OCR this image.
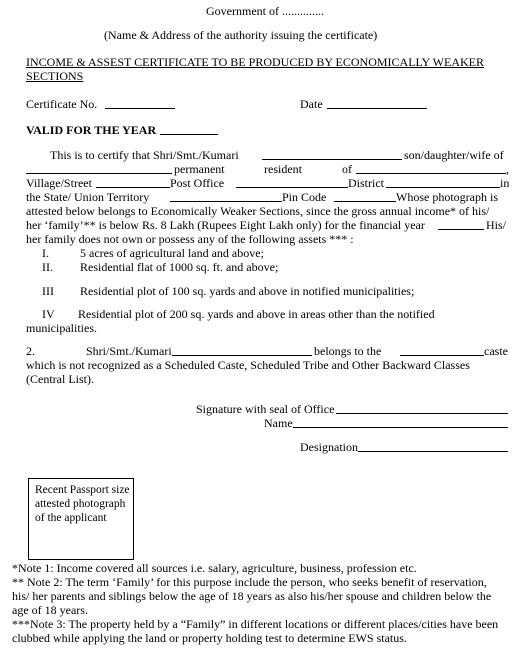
Government of ..............
(Name & Address of the authority issuing the certificate)
INCOME & ASSEST CERTIFICATE TO BE PRODUCED BY ECONOMICALLY WEAKER
SECTIONS
Certificate No.	Date
VALID FOR THE YEAR
This is to certify that Shri/Smt./Kumari	son/daughter/wife of
permanent	resident	of	,
Village/Street	Post Office	District	in
the State/ Union Territory	Pin Code	Whose photograph is
attested below belongs to Economically Weaker Sections, since the gross annual income* of his/
her ‘family’** is below Rs. 8 Lakh (Rupees Eight Lakh only) for the financial year	His/
her family does not own or possess any of the following assets *** :
I.	5 acres of agricultural land and above;
II. Residential flat of 1000 sq. ft. and above;
III Residential plot of 100 sq. yards and above in notified municipalities;
IV Residential plot of 200 sq. yards and above in areas other than the notified
municipalities.
2.	Shri/Smt./Kumari	belongs to the	caste
which is not recognized as a Scheduled Caste, Scheduled Tribe and Other Backward Classes
(Central List).
Signature with seal of Office
Name
Designation
Recent Passport size
attested photograph
of the applicant
*Note 1: Income covered all sources i.e. salary, agriculture, business, profession etc.
** Note 2: The term ‘Family’ for this purpose include the person, who seeks benefit of reservation,
his/ her parents and siblings below the age of 18 years as also his/her spouse and children below the
age of 18 years.
***Note 3: The property held by a “Family” in different locations or different places/cities have been
clubbed while applying the land or property holding test to determine EWS status.
